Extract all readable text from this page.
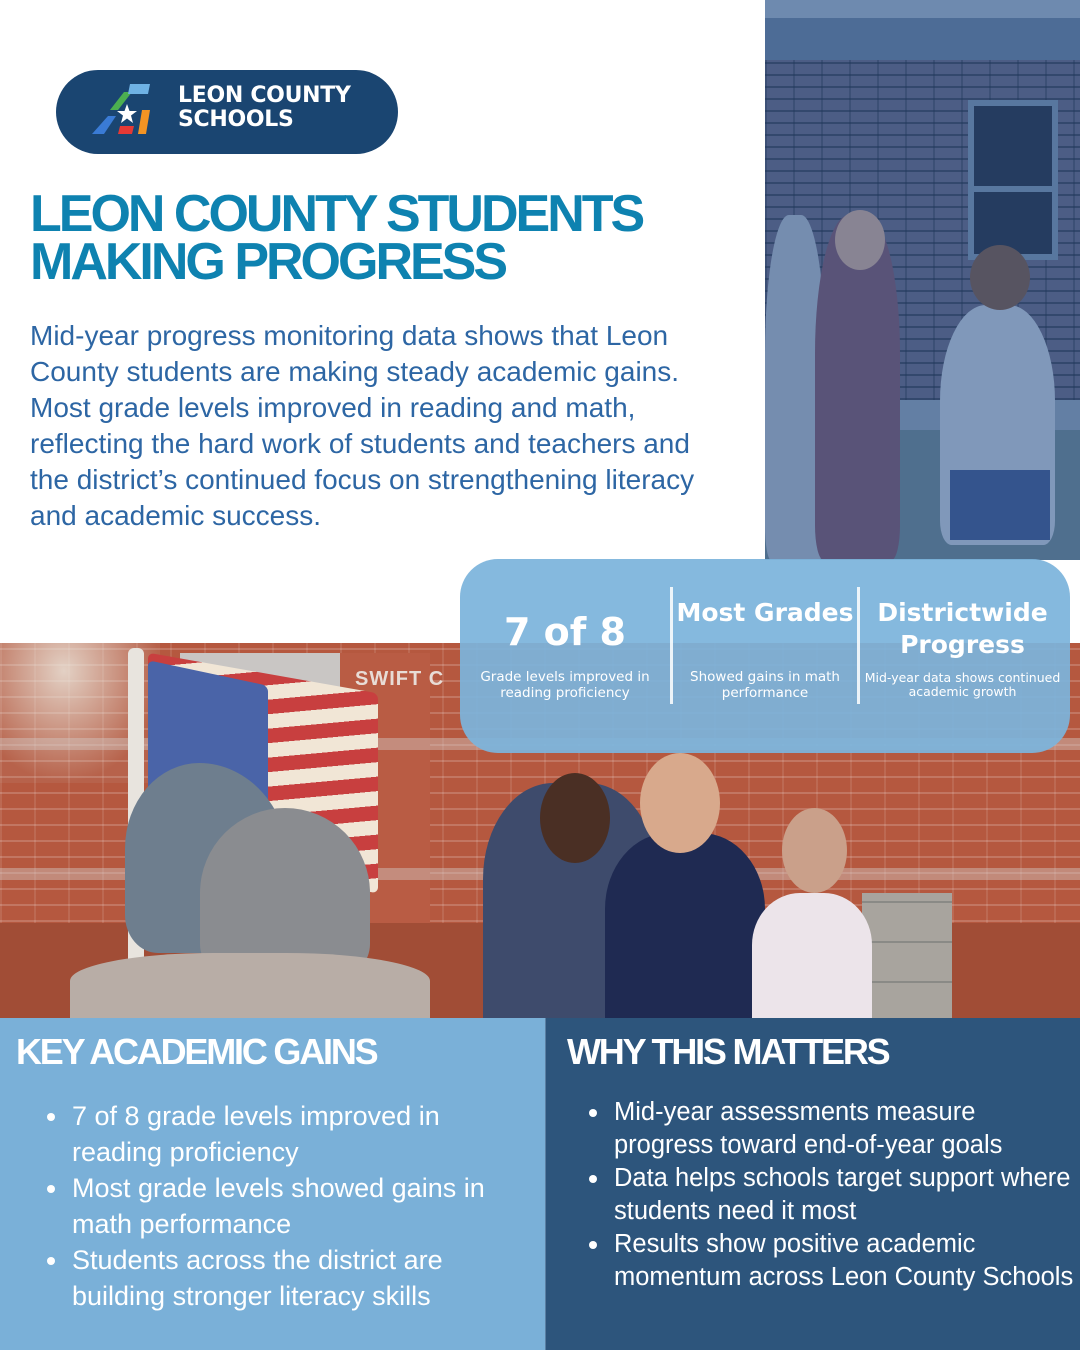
SWIFT C
LEON COUNTY
SCHOOLS
LEON COUNTY STUDENTS
MAKING PROGRESS

Mid-year progress monitoring data shows that Leon County students are making steady academic gains. Most grade levels improved in reading and math, reflecting the hard work of students and teachers and the district’s continued focus on strengthening literacy and academic success.

7 of 8
Grade levels improved in reading proficiency
Most Grades
Showed gains in math performance
Districtwide Progress
Mid-year data shows continued academic growth
KEY ACADEMIC GAINS
7 of 8 grade levels improved in reading proficiency
Most grade levels showed gains in math performance
Students across the district are building stronger literacy skills
WHY THIS MATTERS
Mid-year assessments measure progress toward end-of-year goals
Data helps schools target support where students need it most
Results show positive academic momentum across Leon County Schools
